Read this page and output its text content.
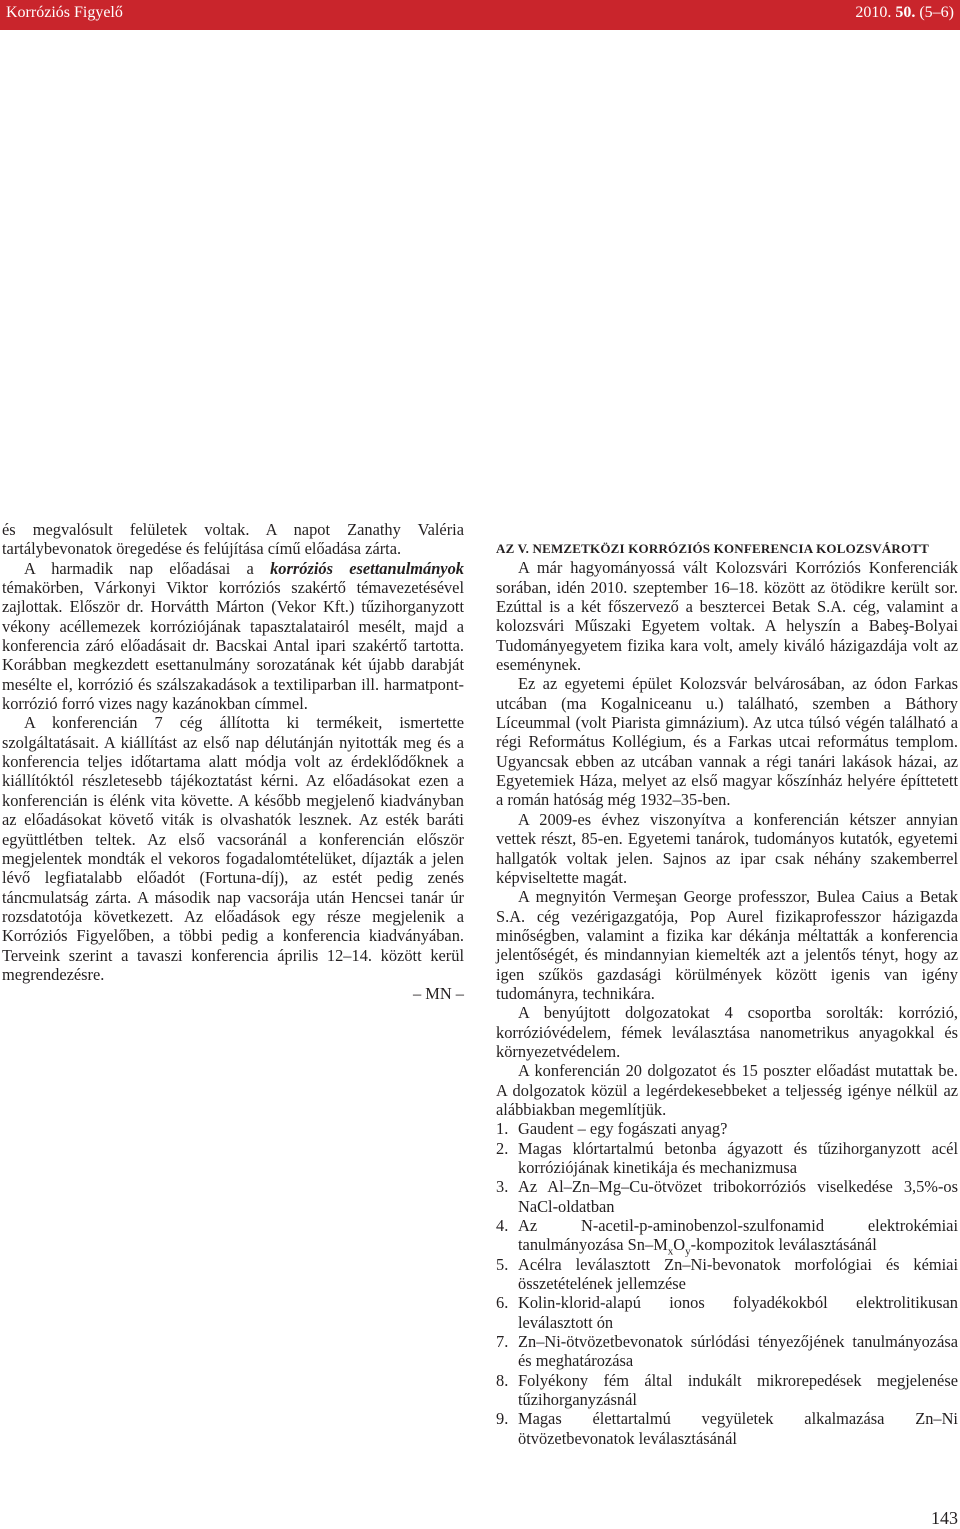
Korróziós Figyelő	2010. 50. (5–6)

és megvalósult felületek voltak. A napot Zanathy Valéria tartálybevonatok öregedése és felújítása című előadása zárta.

A harmadik nap előadásai a korróziós esettanulmányok témakörben, Várkonyi Viktor korróziós szakértő témavezetésével zajlottak. Először dr. Horvátth Márton (Vekor Kft.) tűzihorganyzott vékony acéllemezek korróziójának tapasztalatairól mesélt, majd a konferencia záró előadásait dr. Bacskai Antal ipari szakértő tartotta. Korábban megkezdett esettanulmány sorozatának két újabb darabját mesélte el, korrózió és szálszakadások a textiliparban ill. harmatpont-korrózió forró vizes nagy kazánokban címmel.

A konferencián 7 cég állította ki termékeit, ismertette szolgáltatásait. A kiállítást az első nap délutánján nyitották meg és a konferencia teljes időtartama alatt módja volt az érdeklődőknek a kiállítóktól részletesebb tájékoztatást kérni. Az előadásokat ezen a konferencián is élénk vita követte. A később megjelenő kiadványban az előadásokat követő viták is olvashatók lesznek. Az esték baráti együttlétben teltek. Az első vacsoránál a konferencián először megjelentek mondták el vekoros fogadalomtételüket, díjazták a jelen lévő legfiatalabb előadót (Fortuna-díj), az estét pedig zenés táncmulatság zárta. A második nap vacsorája után Hencsei tanár úr rozsdatotója következett. Az előadások egy része megjelenik a Korróziós Figyelőben, a többi pedig a konferencia kiadványában. Terveink szerint a tavaszi konferencia április 12–14. között kerül megrendezésre.

– MN –

AZ V. NEMZETKÖZI KORRÓZIÓS KONFERENCIA KOLOZSVÁROTT

A már hagyományossá vált Kolozsvári Korróziós Konferenciák sorában, idén 2010. szeptember 16–18. között az ötödikre került sor. Ezúttal is a két főszervező a besztercei Betak S.A. cég, valamint a kolozsvári Műszaki Egyetem voltak. A helyszín a Babeş-Bolyai Tudományegyetem fizika kara volt, amely kiváló házigazdája volt az eseménynek.

Ez az egyetemi épület Kolozsvár belvárosában, az ódon Farkas utcában (ma Kogalniceanu u.) található, szemben a Báthory Líceummal (volt Piarista gimnázium). Az utca túlsó végén található a régi Református Kollégium, és a Farkas utcai református templom. Ugyancsak ebben az utcában vannak a régi tanári lakások házai, az Egyetemiek Háza, melyet az első magyar kőszínház helyére építtetett a román hatóság még 1932–35-ben.

A 2009-es évhez viszonyítva a konferencián kétszer annyian vettek részt, 85-en. Egyetemi tanárok, tudományos kutatók, egyetemi hallgatók voltak jelen. Sajnos az ipar csak néhány szakemberrel képviseltette magát.

A megnyitón Vermeşan George professzor, Bulea Caius a Betak S.A. cég vezérigazgatója, Pop Aurel fizikaprofesszor házigazda minőségben, valamint a fizika kar dékánja méltatták a konferencia jelentőségét, és mindannyian kiemelték azt a jelentős tényt, hogy az igen szűkös gazdasági körülmények között igenis van igény tudományra, technikára.

A benyújtott dolgozatokat 4 csoportba sorolták: korrózió, korrózióvédelem, fémek leválasztása nanometrikus anyagokkal és környezetvédelem.

A konferencián 20 dolgozatot és 15 poszter előadást mutattak be. A dolgozatok közül a legérdekesebbeket a teljesség igénye nélkül az alábbiakban megemlítjük.

1. Gaudent – egy fogászati anyag?
2. Magas klórtartalmú betonba ágyazott és tűzihorganyzott acél korróziójának kinetikája és mechanizmusa
3. Az Al–Zn–Mg–Cu-ötvözet tribokorróziós viselkedése 3,5%-os NaCl-oldatban
4. Az N-acetil-p-aminobenzol-szulfonamid elektrokémiai tanulmányozása $Sn-M_xO_y$-kompozitok leválasztásánál
5. Acélra leválasztott Zn–Ni-bevonatok morfológiai és kémiai összetételének jellemzése
6. Kolin-klorid-alapú ionos folyadékokból elektrolitikusan leválasztott ón
7. Zn–Ni-ötvözetbevonatok súrlódási tényezőjének tanulmányozása és meghatározása
8. Folyékony fém által indukált mikrorepedések megjelenése tűzihorganyzásnál
9. Magas élettartalmú vegyületek alkalmazása Zn–Ni ötvözetbevonatok leválasztásánál
143
